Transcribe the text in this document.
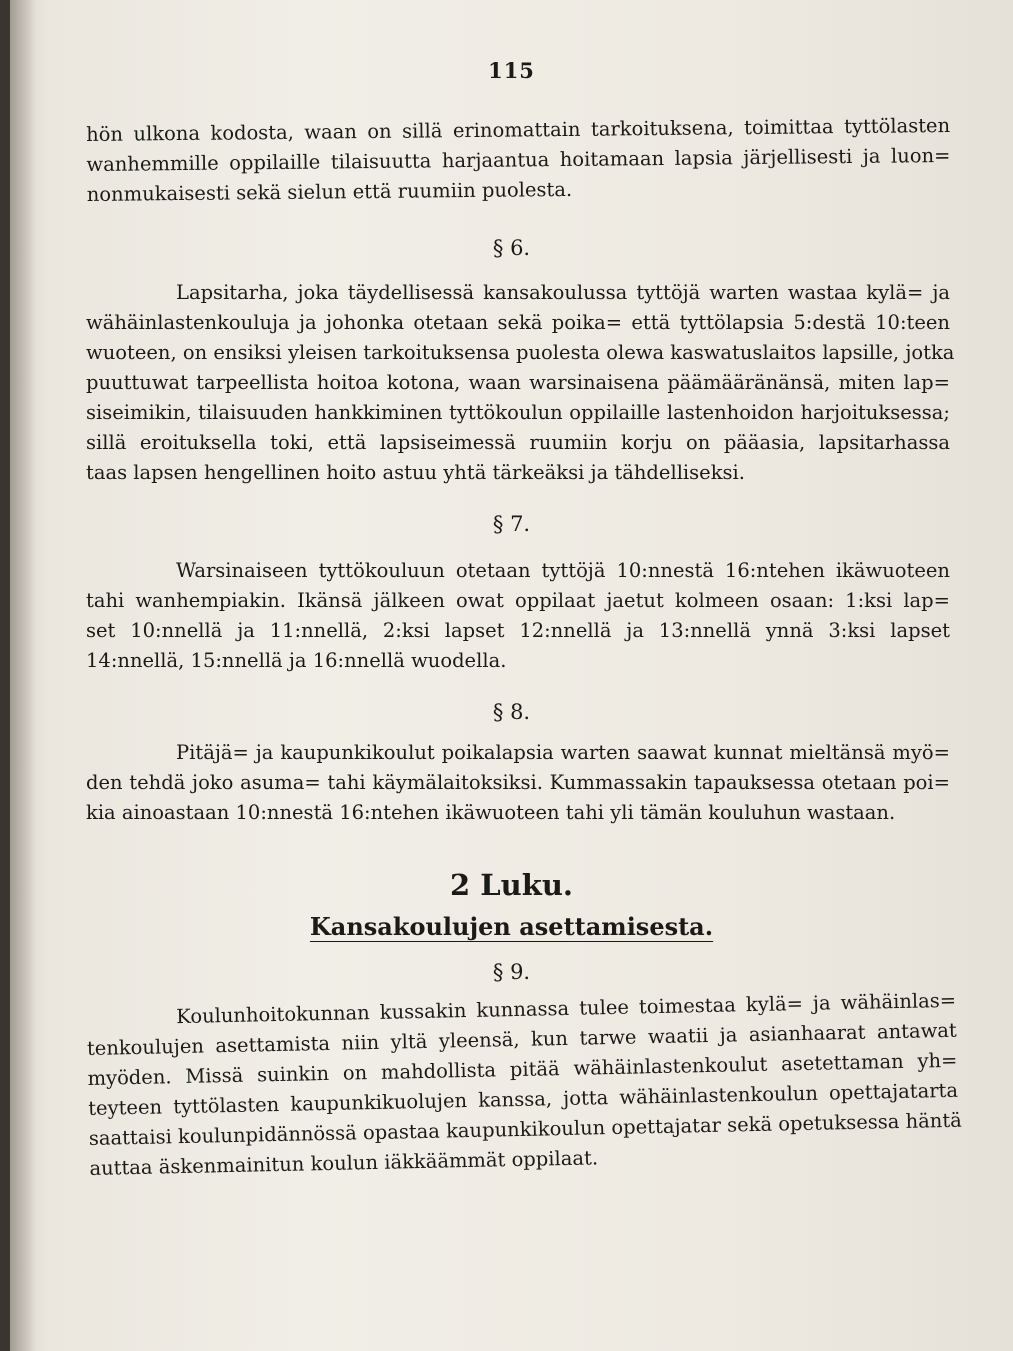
115
hön ulkona kodosta, waan on sillä erinomattain tarkoituksena, toimittaa tyttölasten
wanhemmille oppilaille tilaisuutta harjaantua hoitamaan lapsia järjellisesti ja luon=
nonmukaisesti sekä sielun että ruumiin puolesta.
§ 6.
Lapsitarha, joka täydellisessä kansakoulussa tyttöjä warten wastaa kylä= ja
wähäinlastenkouluja ja johonka otetaan sekä poika= että tyttölapsia 5:destä 10:teen
wuoteen, on ensiksi yleisen tarkoituksensa puolesta olewa kaswatuslaitos lapsille, jotka
puuttuwat tarpeellista hoitoa kotona, waan warsinaisena päämääränänsä, miten lap=
siseimikin, tilaisuuden hankkiminen tyttökoulun oppilaille lastenhoidon harjoituksessa;
sillä eroituksella toki, että lapsiseimessä ruumiin korju on pääasia, lapsitarhassa
taas lapsen hengellinen hoito astuu yhtä tärkeäksi ja tähdelliseksi.
§ 7.
Warsinaiseen tyttökouluun otetaan tyttöjä 10:nnestä 16:ntehen ikäwuoteen
tahi wanhempiakin. Ikänsä jälkeen owat oppilaat jaetut kolmeen osaan: 1:ksi lap=
set 10:nnellä ja 11:nnellä, 2:ksi lapset 12:nnellä ja 13:nnellä ynnä 3:ksi lapset
14:nnellä, 15:nnellä ja 16:nnellä wuodella.
§ 8.
Pitäjä= ja kaupunkikoulut poikalapsia warten saawat kunnat mieltänsä myö=
den tehdä joko asuma= tahi käymälaitoksiksi. Kummassakin tapauksessa otetaan poi=
kia ainoastaan 10:nnestä 16:ntehen ikäwuoteen tahi yli tämän kouluhun wastaan.
2 Luku.
Kansakoulujen asettamisesta.
§ 9.
Koulunhoitokunnan kussakin kunnassa tulee toimestaa kylä= ja wähäinlas=
tenkoulujen asettamista niin yltä yleensä, kun tarwe waatii ja asianhaarat antawat
myöden. Missä suinkin on mahdollista pitää wähäinlastenkoulut asetettaman yh=
teyteen tyttölasten kaupunkikuolujen kanssa, jotta wähäinlastenkoulun opettajatarta
saattaisi koulunpidännössä opastaa kaupunkikoulun opettajatar sekä opetuksessa häntä
auttaa äskenmainitun koulun iäkkäämmät oppilaat.
